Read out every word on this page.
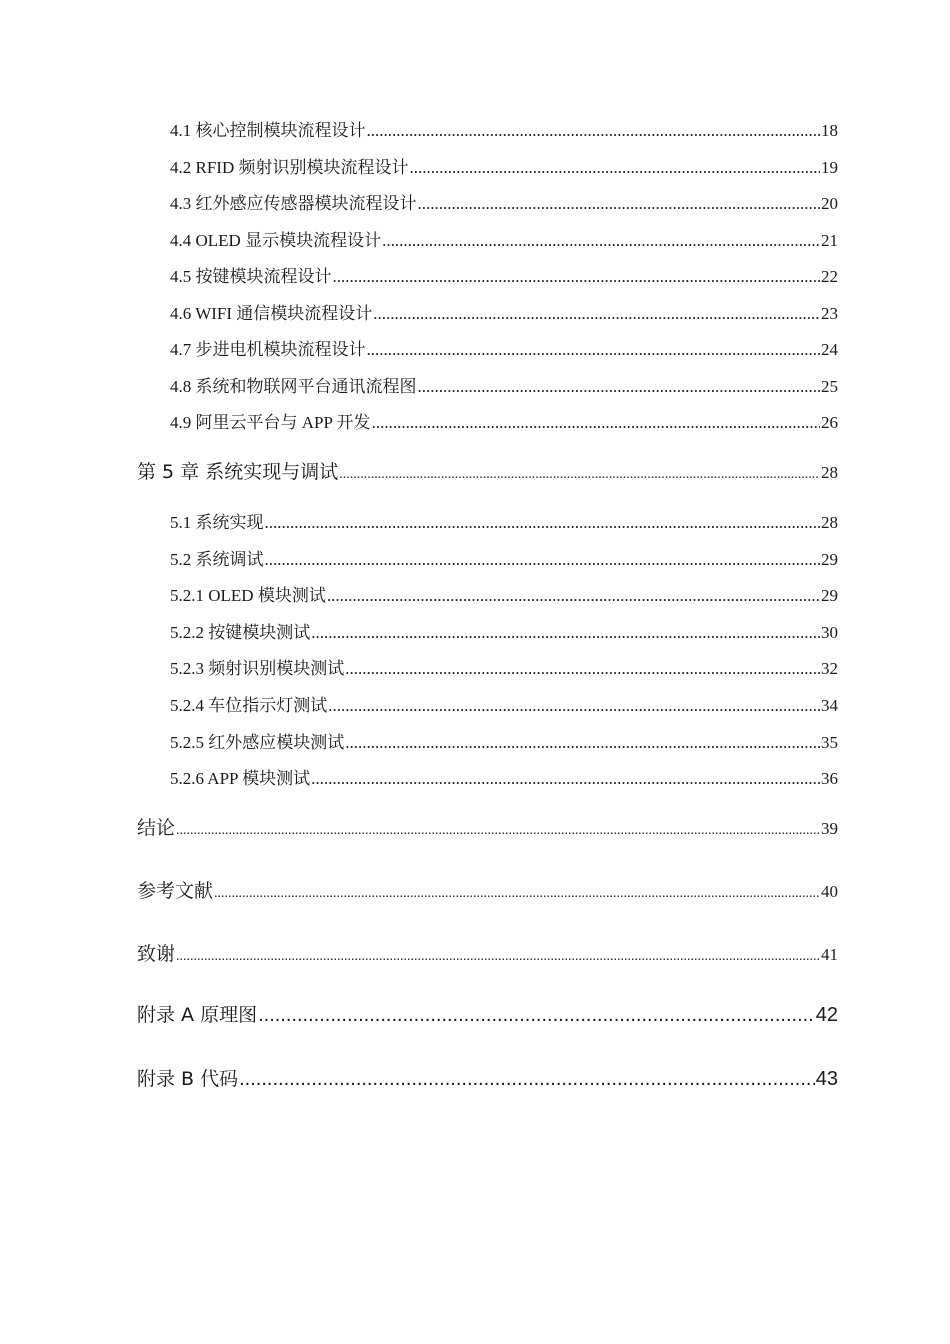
4.1 核心控制模块流程设计 .....	18
4.2 RFID 频射识别模块流程设计 .....	19
4.3 红外感应传感器模块流程设计 .....	20
4.4 OLED 显示模块流程设计 .....	21
4.5 按键模块流程设计 .....	22
4.6 WIFI 通信模块流程设计 .....	23
4.7 步进电机模块流程设计 .....	24
4.8 系统和物联网平台通讯流程图 .....	25
4.9 阿里云平台与 APP 开发 .....	26
第 5 章 系统实现与调试 .....	28
5.1 系统实现 .....	28
5.2 系统调试 .....	29
5.2.1 OLED 模块测试 .....	29
5.2.2 按键模块测试 .....	30
5.2.3 频射识别模块测试 .....	32
5.2.4 车位指示灯测试 .....	34
5.2.5 红外感应模块测试 .....	35
5.2.6 APP 模块测试 .....	36
结论 .....	39
参考文献 .....	40
致谢 .....	41
附录 A 原理图 .....	42
附录 B 代码 .....	43
